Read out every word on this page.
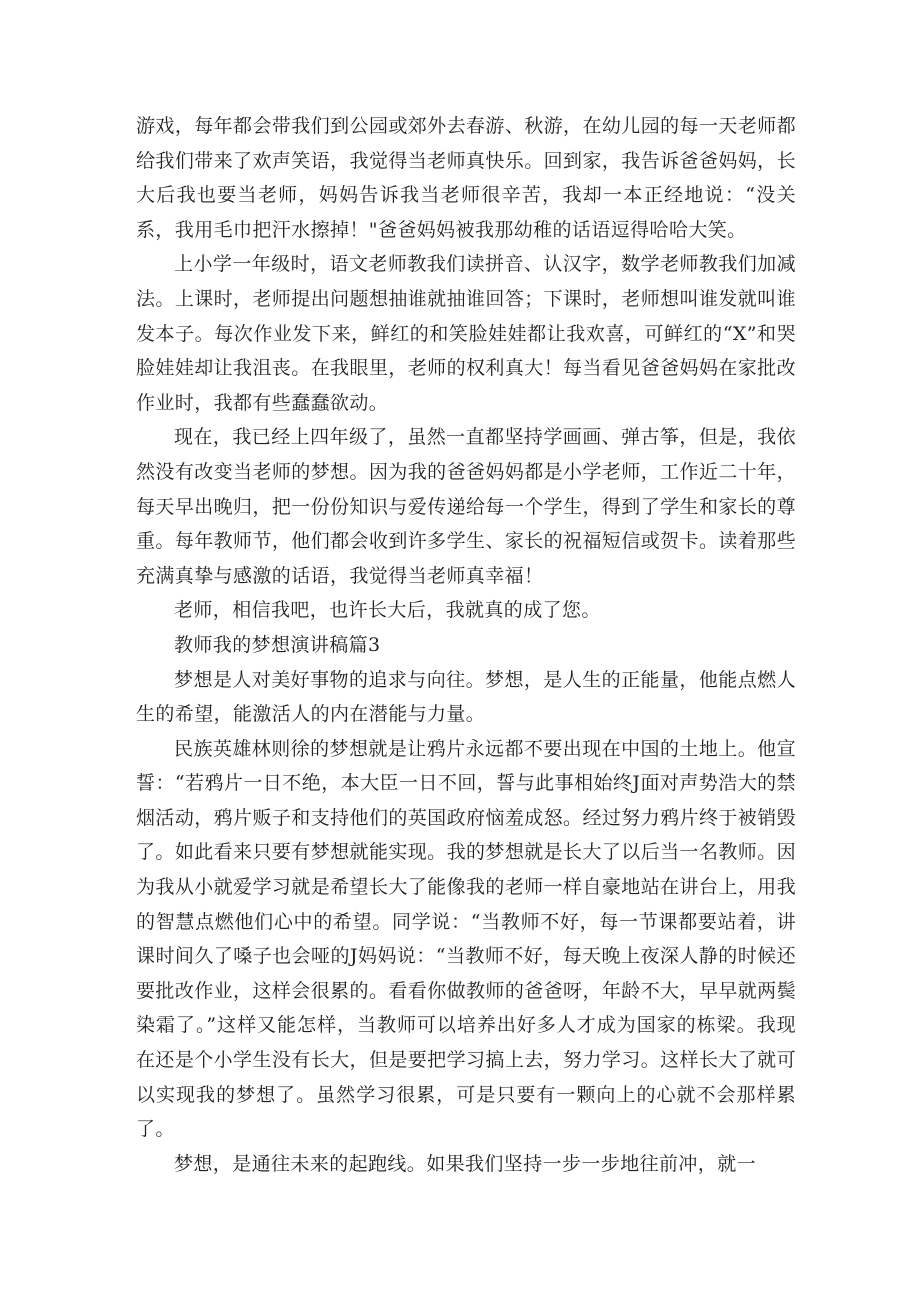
游戏，每年都会带我们到公园或郊外去春游、秋游，在幼儿园的每一天老师都给我们带来了欢声笑语，我觉得当老师真快乐。回到家，我告诉爸爸妈妈，长大后我也要当老师，妈妈告诉我当老师很辛苦，我却一本正经地说：“没关系，我用毛巾把汗水擦掉！"爸爸妈妈被我那幼稚的话语逗得哈哈大笑。

上小学一年级时，语文老师教我们读拼音、认汉字，数学老师教我们加减法。上课时，老师提出问题想抽谁就抽谁回答；下课时，老师想叫谁发就叫谁发本子。每次作业发下来，鲜红的和笑脸娃娃都让我欢喜，可鲜红的“X”和哭脸娃娃却让我沮丧。在我眼里，老师的权利真大！每当看见爸爸妈妈在家批改作业时，我都有些蠢蠢欲动。

现在，我已经上四年级了，虽然一直都坚持学画画、弹古筝，但是，我依然没有改变当老师的梦想。因为我的爸爸妈妈都是小学老师，工作近二十年，每天早出晚归，把一份份知识与爱传递给每一个学生，得到了学生和家长的尊重。每年教师节，他们都会收到许多学生、家长的祝福短信或贺卡。读着那些充满真挚与感激的话语，我觉得当老师真幸福！

老师，相信我吧，也许长大后，我就真的成了您。

教师我的梦想演讲稿篇3

梦想是人对美好事物的追求与向往。梦想，是人生的正能量，他能点燃人生的希望，能激活人的内在潜能与力量。

民族英雄林则徐的梦想就是让鸦片永远都不要出现在中国的土地上。他宣誓：“若鸦片一日不绝，本大臣一日不回，誓与此事相始终J面对声势浩大的禁烟活动，鸦片贩子和支持他们的英国政府恼羞成怒。经过努力鸦片终于被销毁了。如此看来只要有梦想就能实现。我的梦想就是长大了以后当一名教师。因为我从小就爱学习就是希望长大了能像我的老师一样自豪地站在讲台上，用我的智慧点燃他们心中的希望。同学说：“当教师不好，每一节课都要站着，讲课时间久了嗓子也会哑的J妈妈说：“当教师不好，每天晚上夜深人静的时候还要批改作业，这样会很累的。看看你做教师的爸爸呀，年龄不大，早早就两鬓染霜了。”这样又能怎样，当教师可以培养出好多人才成为国家的栋梁。我现在还是个小学生没有长大，但是要把学习搞上去，努力学习。这样长大了就可以实现我的梦想了。虽然学习很累，可是只要有一颗向上的心就不会那样累了。

梦想，是通往未来的起跑线。如果我们坚持一步一步地往前冲，就一
